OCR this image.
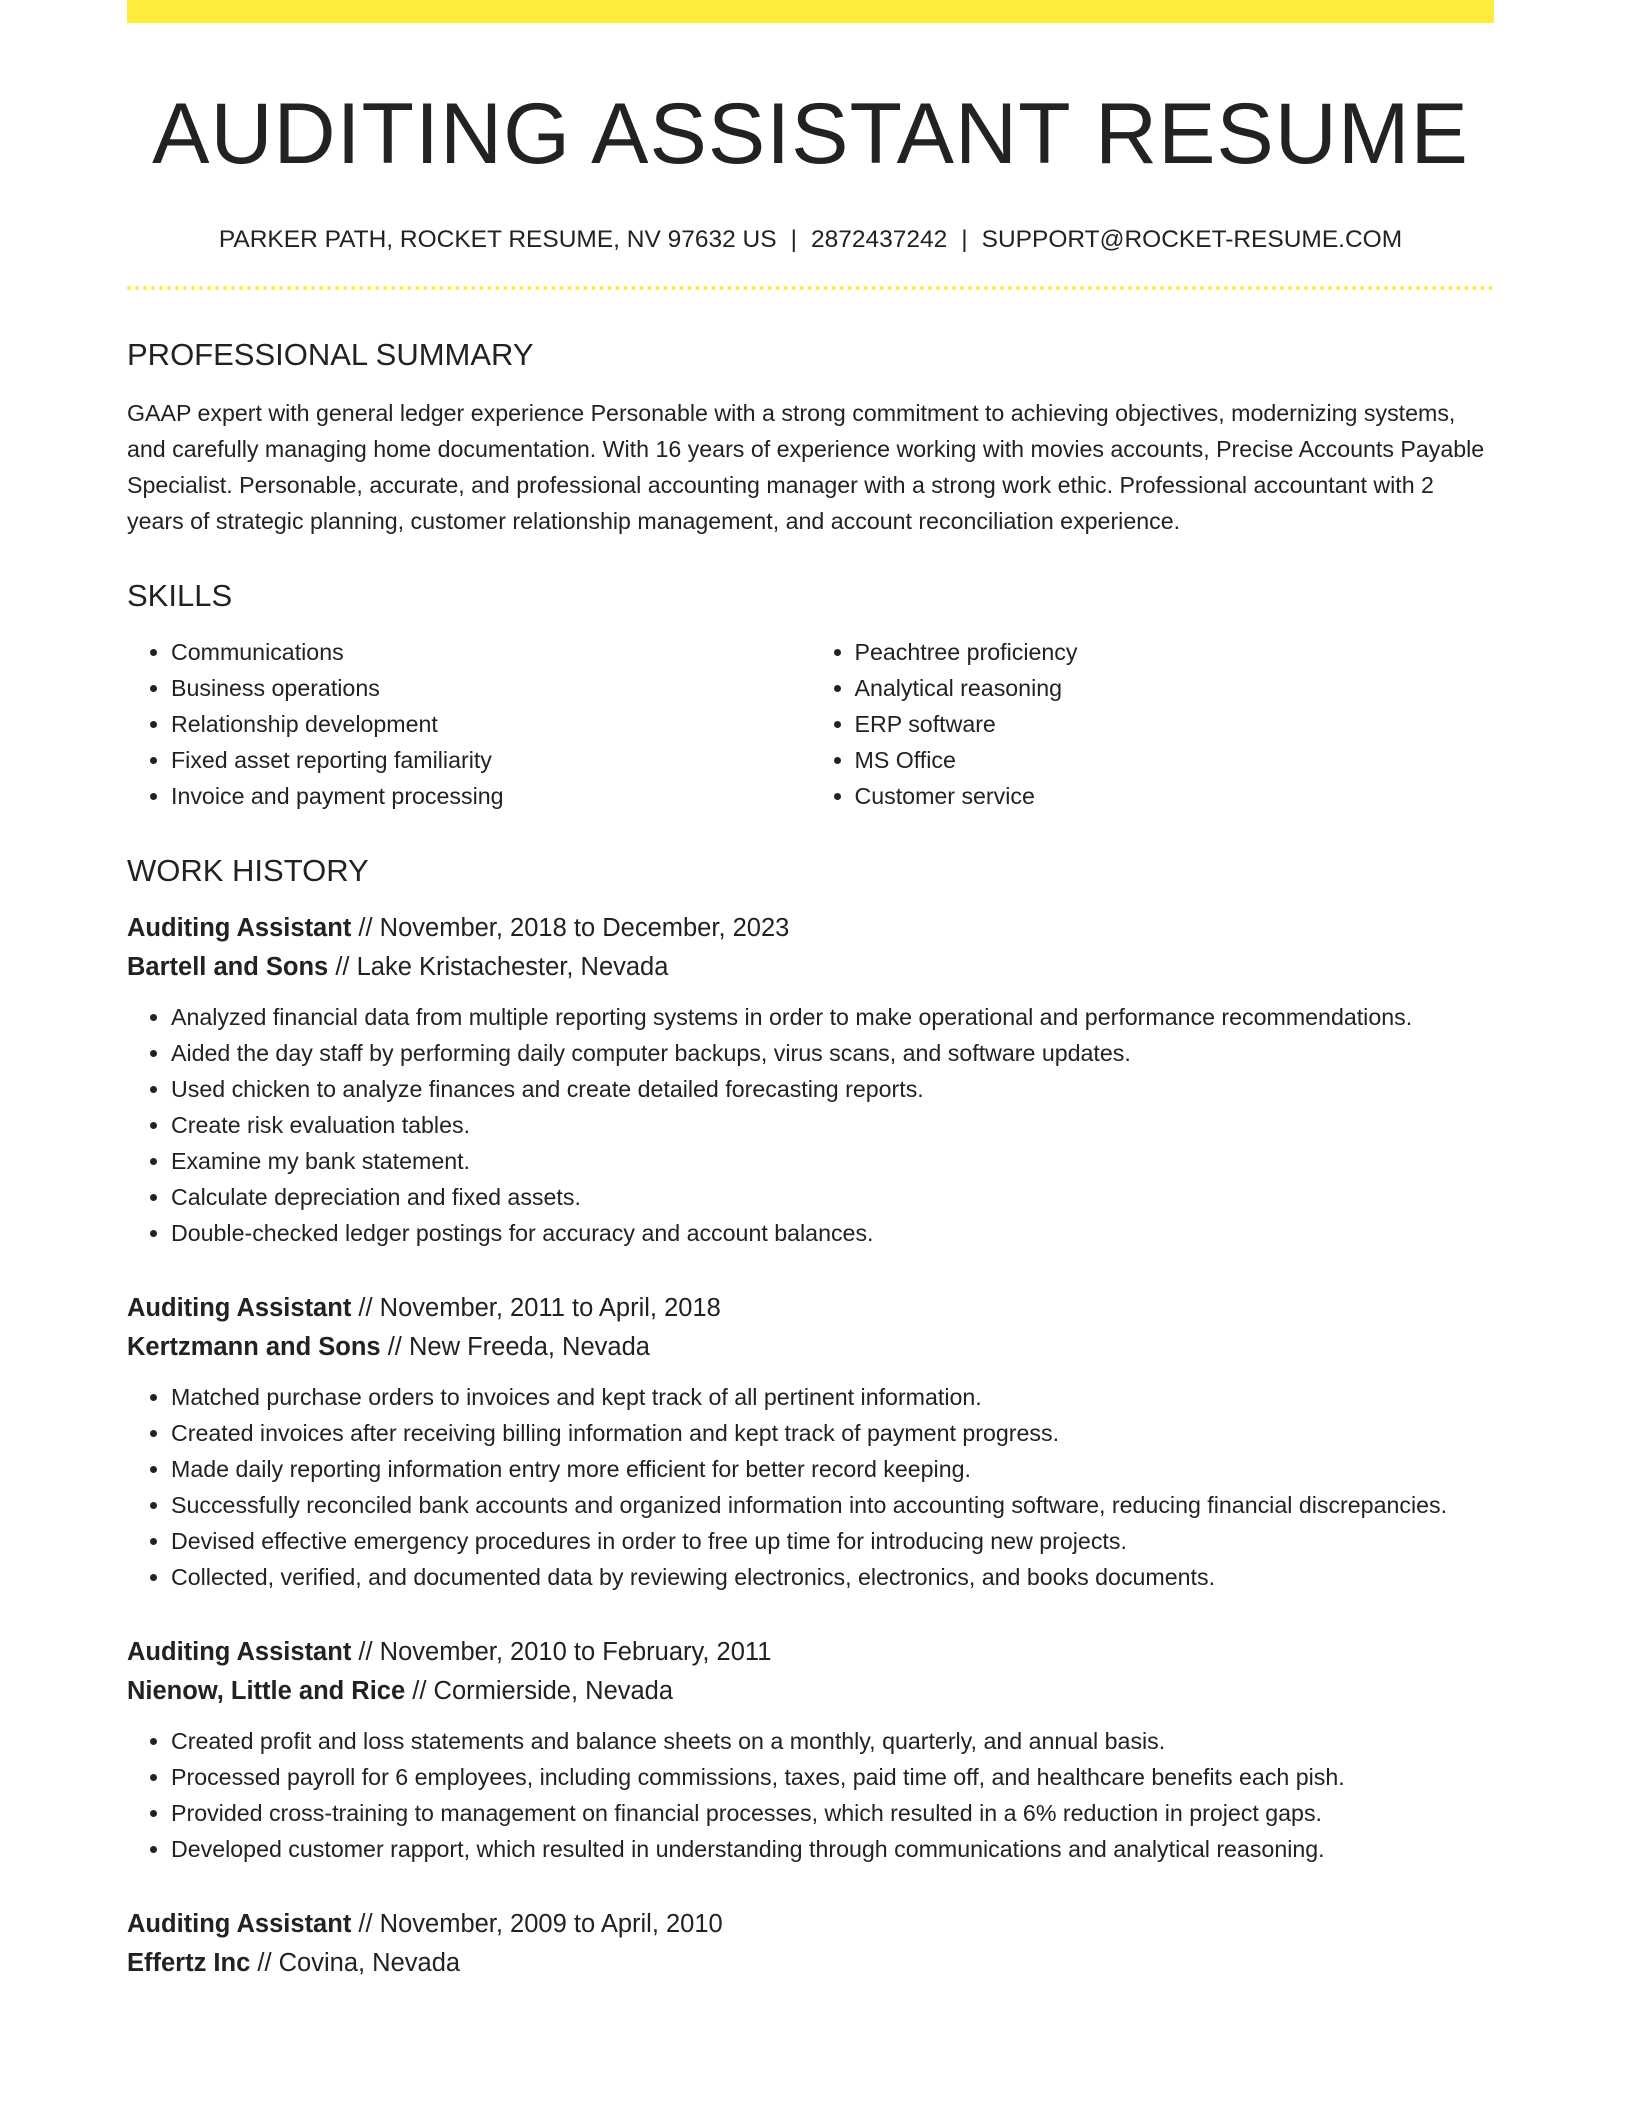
AUDITING ASSISTANT RESUME
PARKER PATH, ROCKET RESUME, NV 97632 US | 2872437242 | SUPPORT@ROCKET-RESUME.COM
PROFESSIONAL SUMMARY
GAAP expert with general ledger experience Personable with a strong commitment to achieving objectives, modernizing systems, and carefully managing home documentation. With 16 years of experience working with movies accounts, Precise Accounts Payable Specialist. Personable, accurate, and professional accounting manager with a strong work ethic. Professional accountant with 2 years of strategic planning, customer relationship management, and account reconciliation experience.
SKILLS
• Communications
• Business operations
• Relationship development
• Fixed asset reporting familiarity
• Invoice and payment processing
• Peachtree proficiency
• Analytical reasoning
• ERP software
• MS Office
• Customer service
WORK HISTORY
Auditing Assistant // November, 2018 to December, 2023
Bartell and Sons // Lake Kristachester, Nevada
• Analyzed financial data from multiple reporting systems in order to make operational and performance recommendations.
• Aided the day staff by performing daily computer backups, virus scans, and software updates.
• Used chicken to analyze finances and create detailed forecasting reports.
• Create risk evaluation tables.
• Examine my bank statement.
• Calculate depreciation and fixed assets.
• Double-checked ledger postings for accuracy and account balances.
Auditing Assistant // November, 2011 to April, 2018
Kertzmann and Sons // New Freeda, Nevada
• Matched purchase orders to invoices and kept track of all pertinent information.
• Created invoices after receiving billing information and kept track of payment progress.
• Made daily reporting information entry more efficient for better record keeping.
• Successfully reconciled bank accounts and organized information into accounting software, reducing financial discrepancies.
• Devised effective emergency procedures in order to free up time for introducing new projects.
• Collected, verified, and documented data by reviewing electronics, electronics, and books documents.
Auditing Assistant // November, 2010 to February, 2011
Nienow, Little and Rice // Cormierside, Nevada
• Created profit and loss statements and balance sheets on a monthly, quarterly, and annual basis.
• Processed payroll for 6 employees, including commissions, taxes, paid time off, and healthcare benefits each pish.
• Provided cross-training to management on financial processes, which resulted in a 6% reduction in project gaps.
• Developed customer rapport, which resulted in understanding through communications and analytical reasoning.
Auditing Assistant // November, 2009 to April, 2010
Effertz Inc // Covina, Nevada
